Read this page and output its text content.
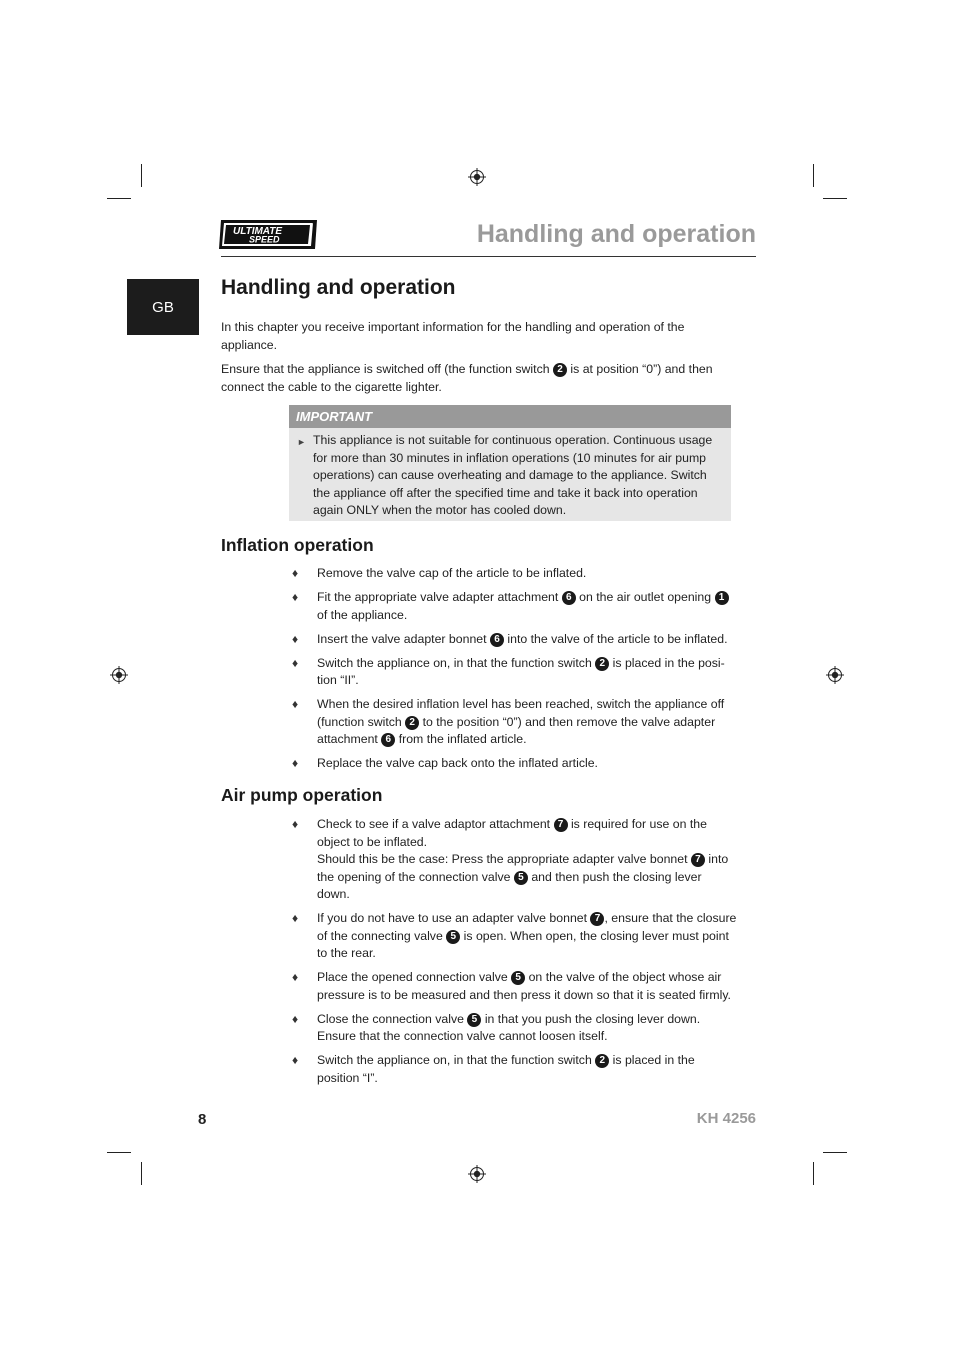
ULTIMATE
SPEED	Handling and operation
GB
Handling and operation

In this chapter you receive important information for the handling and operation of the appliance.

Ensure that the appliance is switched off (the function switch 2 is at position “0”) and then connect the cable to the cigarette lighter.

IMPORTANT
► This appliance is not suitable for continuous operation. Continuous usage for more than 30 minutes in inflation operations (10 minutes for air pump operations) can cause overheating and damage to the appliance. Switch the appliance off after the specified time and take it back into operation again ONLY when the motor has cooled down.
Inflation operation
♦ Remove the valve cap of the article to be inflated.
♦ Fit the appropriate valve adapter attachment 6 on the air outlet opening 1 of the appliance.
♦ Insert the valve adapter bonnet 6 into the valve of the article to be inflated.
♦ Switch the appliance on, in that the function switch 2 is placed in the posi-tion “II”.
♦ When the desired inflation level has been reached, switch the appliance off (function switch 2 to the position “0”) and then remove the valve adapter attachment 6 from the inflated article.
♦ Replace the valve cap back onto the inflated article.
Air pump operation
♦ Check to see if a valve adaptor attachment 7 is required for use on the object to be inflated.
Should this be the case: Press the appropriate adapter valve bonnet 7 into the opening of the connection valve 5 and then push the closing lever down.
♦ If you do not have to use an adapter valve bonnet 7 , ensure that the closure of the connecting valve 5 is open. When open, the closing lever must point to the rear.
♦ Place the opened connection valve 5 on the valve of the object whose air pressure is to be measured and then press it down so that it is seated firmly.
♦ Close the connection valve 5 in that you push the closing lever down. Ensure that the connection valve cannot loosen itself.
♦ Switch the appliance on, in that the function switch 2 is placed in the position “I”.
8	KH 4256
